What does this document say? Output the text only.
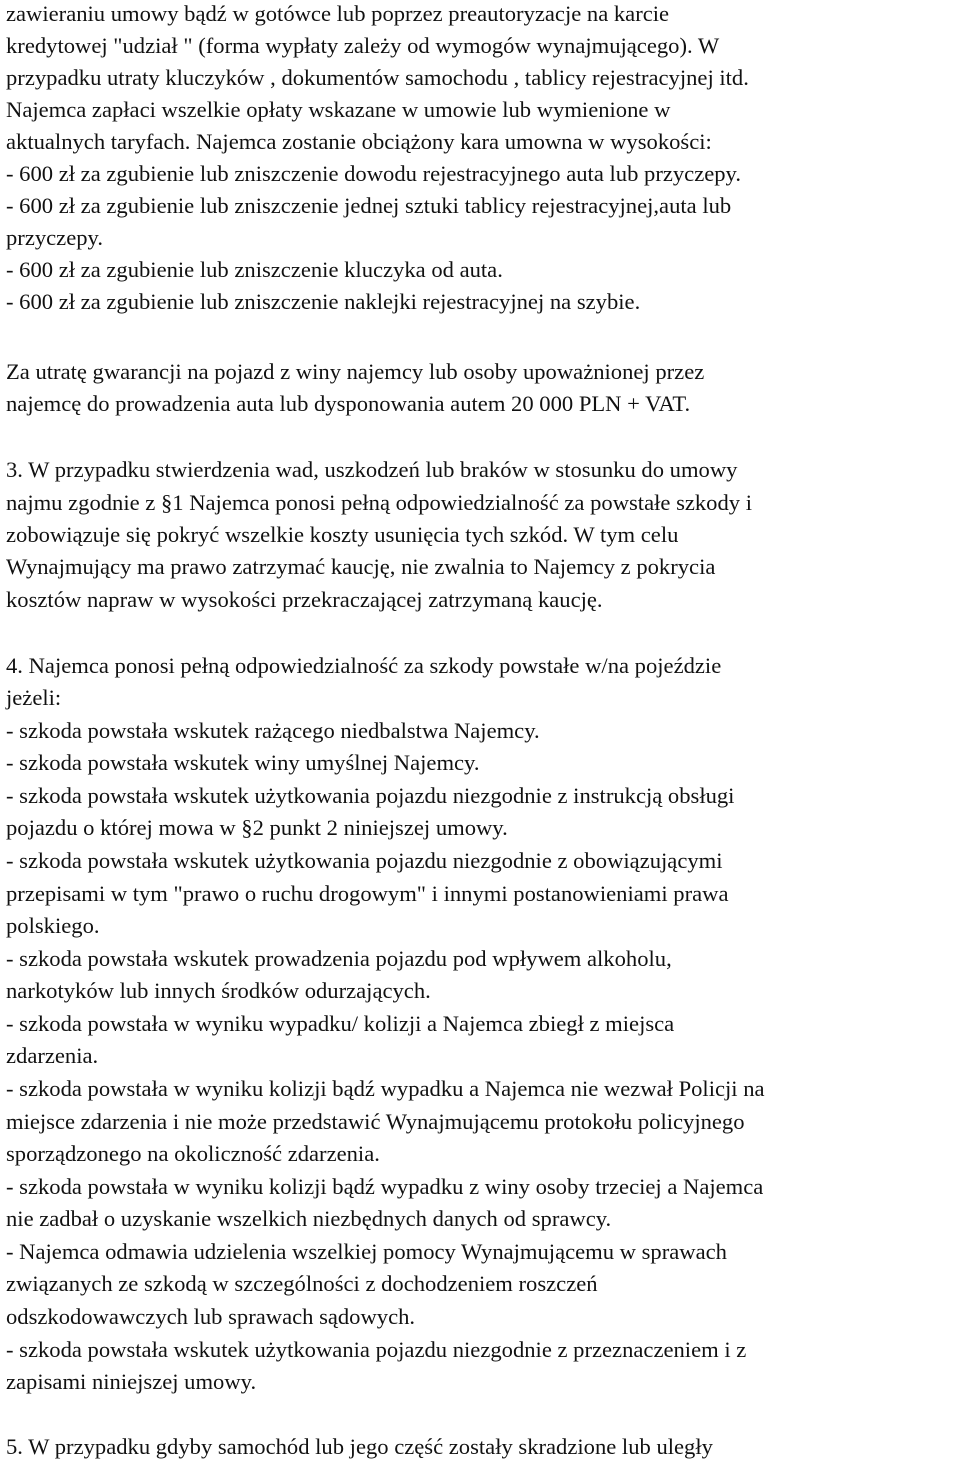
zawieraniu umowy bądź w gotówce lub poprzez preautoryzacje na karcie
kredytowej "udział " (forma wypłaty zależy od wymogów wynajmującego). W
przypadku utraty kluczyków , dokumentów samochodu , tablicy rejestracyjnej itd.
Najemca zapłaci wszelkie opłaty wskazane w umowie lub wymienione w
aktualnych taryfach. Najemca zostanie obciążony kara umowna w wysokości:
- 600 zł za zgubienie lub zniszczenie dowodu rejestracyjnego auta lub przyczepy.
- 600 zł za zgubienie lub zniszczenie jednej sztuki tablicy rejestracyjnej,auta lub
przyczepy.
- 600 zł za zgubienie lub zniszczenie kluczyka od auta.
- 600 zł za zgubienie lub zniszczenie naklejki rejestracyjnej na szybie.
Za utratę gwarancji na pojazd z winy najemcy lub osoby upoważnionej przez
najemcę do prowadzenia auta lub dysponowania autem 20 000 PLN + VAT.
3. W przypadku stwierdzenia wad, uszkodzeń lub braków w stosunku do umowy
najmu zgodnie z §1 Najemca ponosi pełną odpowiedzialność za powstałe szkody i
zobowiązuje się pokryć wszelkie koszty usunięcia tych szkód. W tym celu
Wynajmujący ma prawo zatrzymać kaucję, nie zwalnia to Najemcy z pokrycia
kosztów napraw w wysokości przekraczającej zatrzymaną kaucję.
4. Najemca ponosi pełną odpowiedzialność za szkody powstałe w/na pojeździe
jeżeli:
- szkoda powstała wskutek rażącego niedbalstwa Najemcy.
- szkoda powstała wskutek winy umyślnej Najemcy.
- szkoda powstała wskutek użytkowania pojazdu niezgodnie z instrukcją obsługi
pojazdu o której mowa w §2 punkt 2 niniejszej umowy.
- szkoda powstała wskutek użytkowania pojazdu niezgodnie z obowiązującymi
przepisami w tym "prawo o ruchu drogowym" i innymi postanowieniami prawa
polskiego.
- szkoda powstała wskutek prowadzenia pojazdu pod wpływem alkoholu,
narkotyków lub innych środków odurzających.
- szkoda powstała w wyniku wypadku/ kolizji a Najemca zbiegł z miejsca
zdarzenia.
- szkoda powstała w wyniku kolizji bądź wypadku a Najemca nie wezwał Policji na
miejsce zdarzenia i nie może przedstawić Wynajmującemu protokołu policyjnego
sporządzonego na okoliczność zdarzenia.
- szkoda powstała w wyniku kolizji bądź wypadku z winy osoby trzeciej a Najemca
nie zadbał o uzyskanie wszelkich niezbędnych danych od sprawcy.
- Najemca odmawia udzielenia wszelkiej pomocy Wynajmującemu w sprawach
związanych ze szkodą w szczególności z dochodzeniem roszczeń
odszkodowawczych lub sprawach sądowych.
- szkoda powstała wskutek użytkowania pojazdu niezgodnie z przeznaczeniem i z
zapisami niniejszej umowy.
5. W przypadku gdyby samochód lub jego część zostały skradzione lub uległy
